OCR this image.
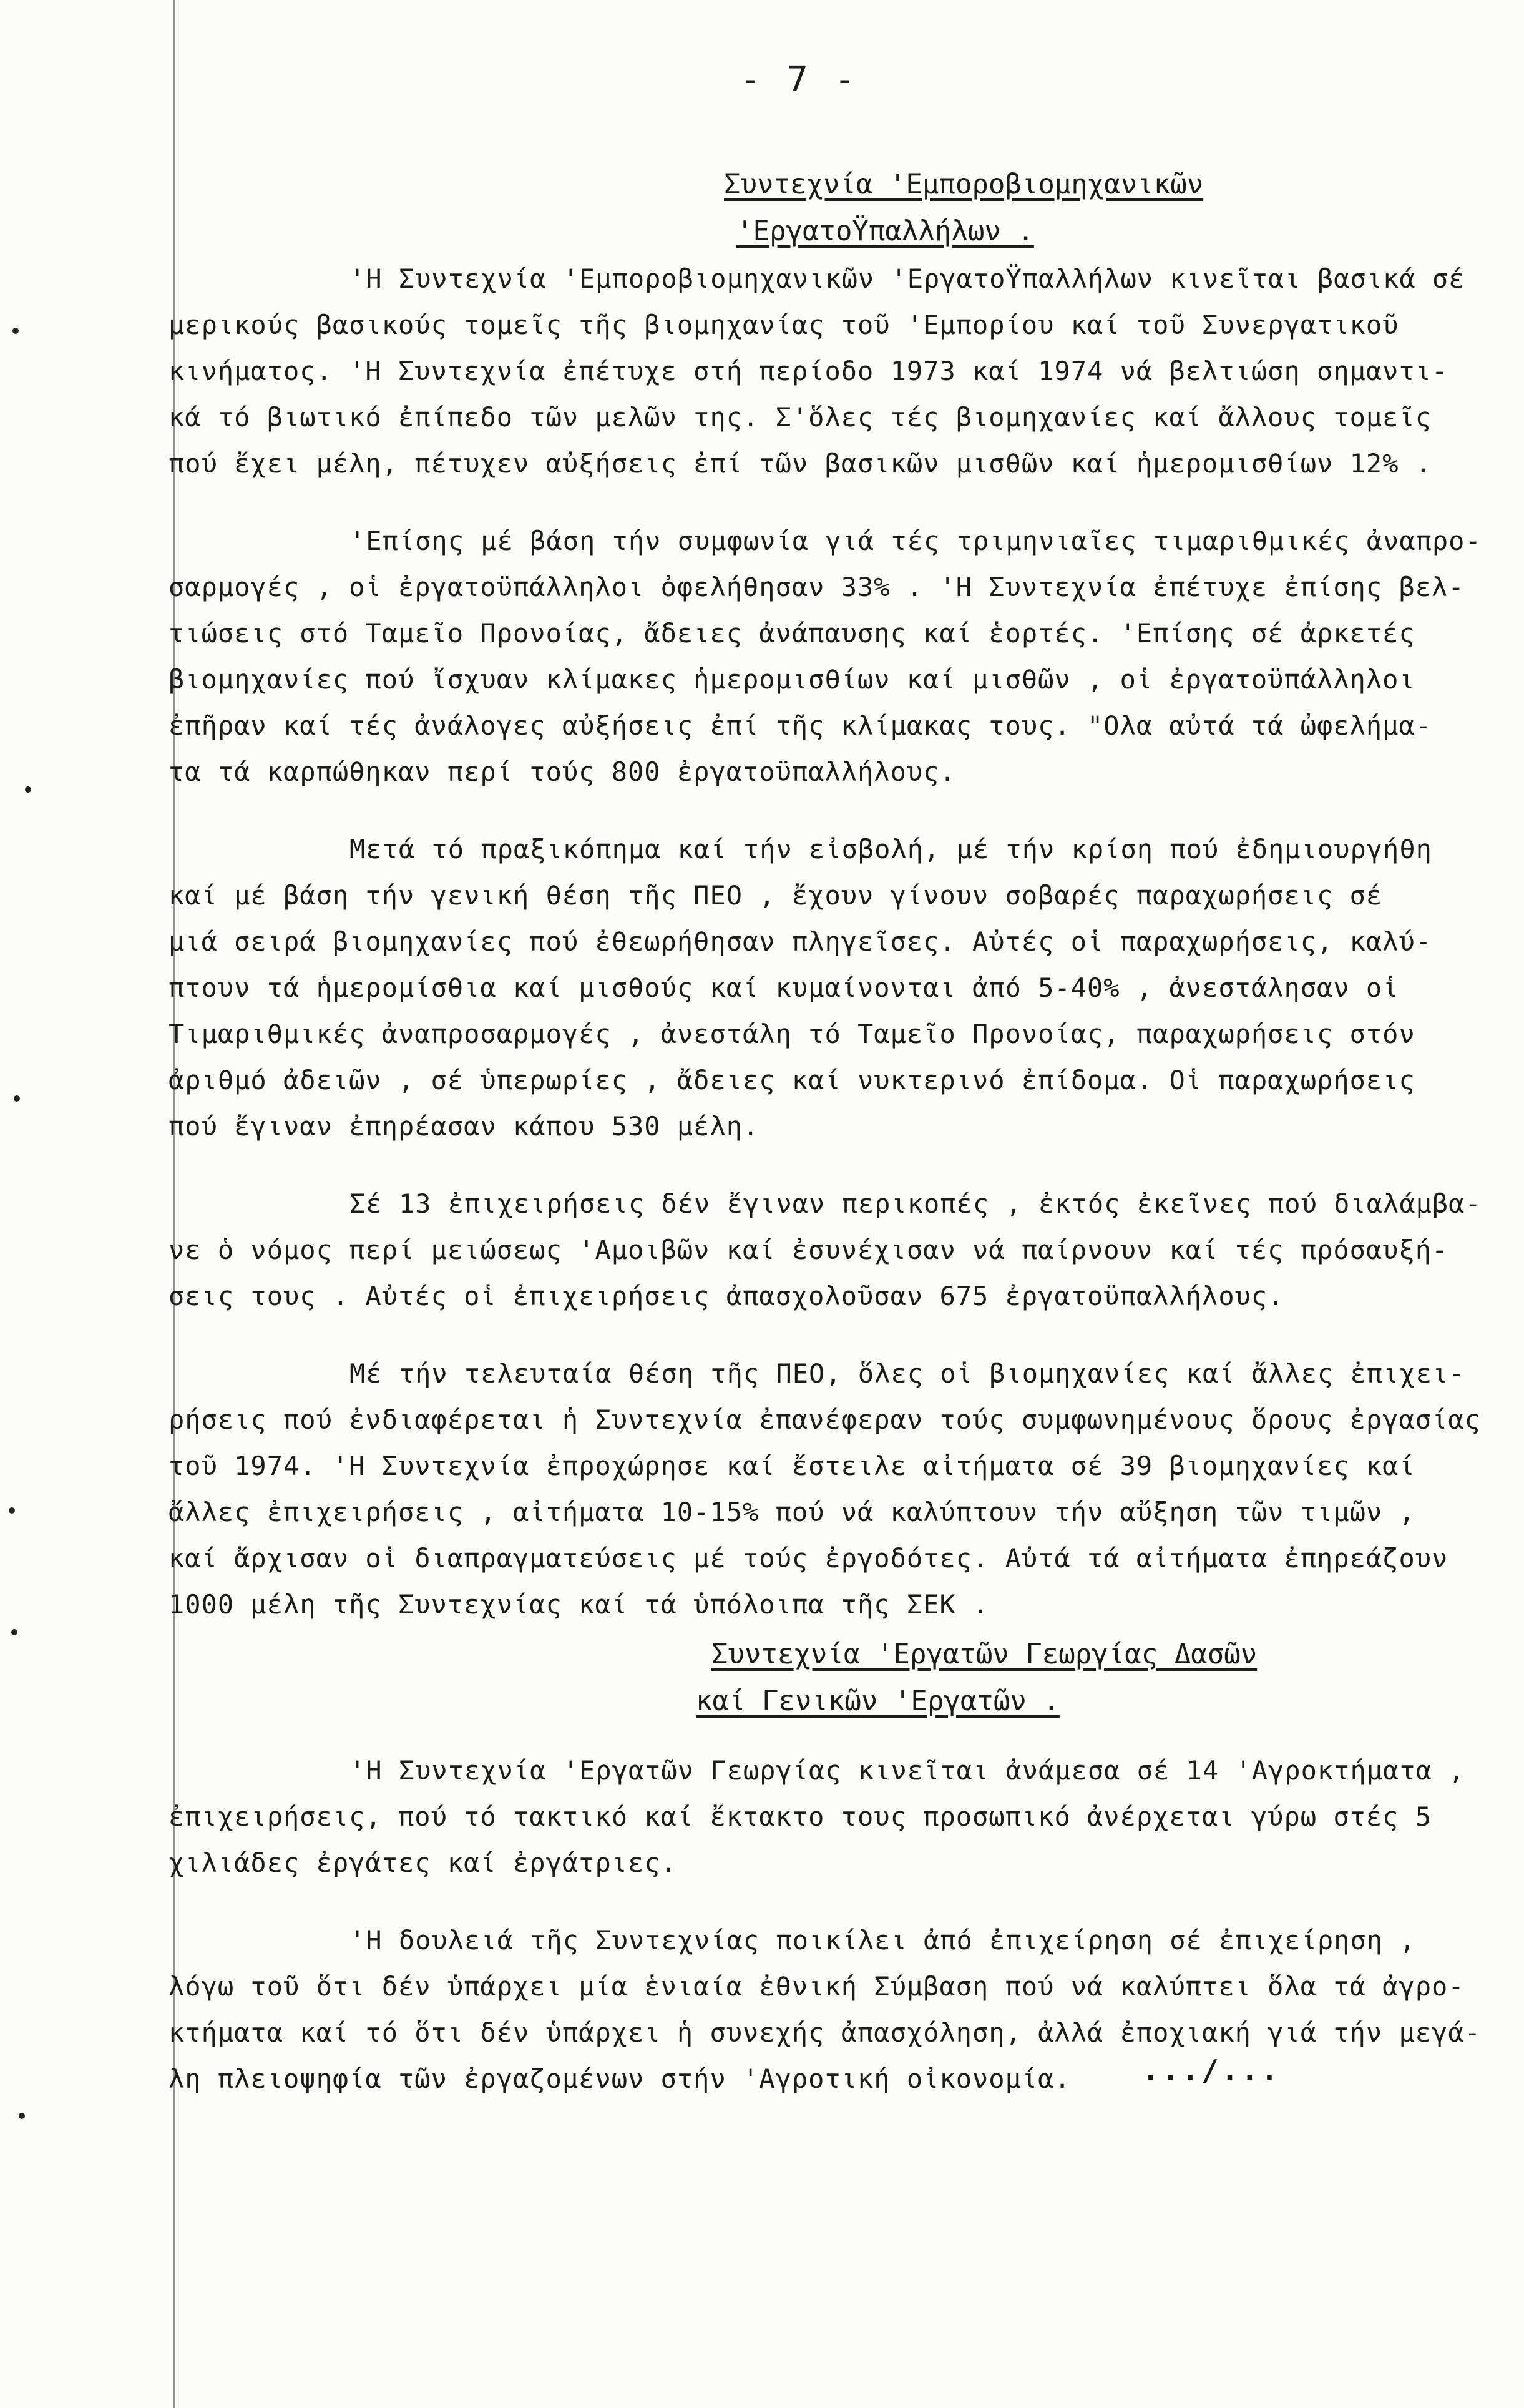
- 7 -
Συντεχνία 'Εμποροβιομηχανικῶν
'ΕργατοΫπαλλήλων .
'Η Συντεχνία 'Εμποροβιομηχανικῶν 'ΕργατοΫπαλλήλων κινεῖται βασικά σέ
μερικούς βασικούς τομεῖς τῆς βιομηχανίας τοῦ 'Εμπορίου καί τοῦ Συνεργατικοῦ
κινήματος. 'Η Συντεχνία ἐπέτυχε στή περίοδο 1973 καί 1974 νά βελτιώση σημαντι-
κά τό βιωτικό ἐπίπεδο τῶν μελῶν της. Σ'ὅλες τές βιομηχανίες καί ἄλλους τομεῖς
πού ἔχει μέλη, πέτυχεν αὐξήσεις ἐπί τῶν βασικῶν μισθῶν καί ἡμερομισθίων 12% .
'Επίσης μέ βάση τήν συμφωνία γιά τές τριμηνιαῖες τιμαριθμικές ἀναπρο-
σαρμογές , οἱ ἐργατοϋπάλληλοι ὀφελήθησαν 33% . 'Η Συντεχνία ἐπέτυχε ἐπίσης βελ-
τιώσεις στό Ταμεῖο Προνοίας, ἄδειες ἀνάπαυσης καί ἑορτές. 'Επίσης σέ ἀρκετές
βιομηχανίες πού ἴσχυαν κλίμακες ἡμερομισθίων καί μισθῶν , οἱ ἐργατοϋπάλληλοι
ἐπῆραν καί τές ἀνάλογες αὐξήσεις ἐπί τῆς κλίμακας τους. "Ολα αὐτά τά ὠφελήμα-
τα τά καρπώθηκαν περί τούς 800 ἐργατοϋπαλλήλους.
Μετά τό πραξικόπημα καί τήν εἰσβολή, μέ τήν κρίση πού ἐδημιουργήθη
καί μέ βάση τήν γενική θέση τῆς ΠΕΟ , ἔχουν γίνουν σοβαρές παραχωρήσεις σέ
μιά σειρά βιομηχανίες πού ἐθεωρήθησαν πληγεῖσες. Αὐτές οἱ παραχωρήσεις, καλύ-
πτουν τά ἡμερομίσθια καί μισθούς καί κυμαίνονται ἀπό 5-40% , ἀνεστάλησαν οἱ
Τιμαριθμικές ἀναπροσαρμογές , ἀνεστάλη τό Ταμεῖο Προνοίας, παραχωρήσεις στόν
ἀριθμό ἀδειῶν , σέ ὑπερωρίες , ἄδειες καί νυκτερινό ἐπίδομα. Οἱ παραχωρήσεις
πού ἔγιναν ἐπηρέασαν κάπου 530 μέλη.
Σέ 13 ἐπιχειρήσεις δέν ἔγιναν περικοπές , ἐκτός ἐκεῖνες πού διαλάμβα-
νε ὁ νόμος περί μειώσεως 'Αμοιβῶν καί ἐσυνέχισαν νά παίρνουν καί τές πρόσαυξή-
σεις τους . Αὐτές οἱ ἐπιχειρήσεις ἀπασχολοῦσαν 675 ἐργατοϋπαλλήλους.
Μέ τήν τελευταία θέση τῆς ΠΕΟ, ὅλες οἱ βιομηχανίες καί ἄλλες ἐπιχει-
ρήσεις πού ἐνδιαφέρεται ἡ Συντεχνία ἐπανέφεραν τούς συμφωνημένους ὅρους ἐργασίας
τοῦ 1974. 'Η Συντεχνία ἐπροχώρησε καί ἔστειλε αἰτήματα σέ 39 βιομηχανίες καί
ἄλλες ἐπιχειρήσεις , αἰτήματα 10-15% πού νά καλύπτουν τήν αὔξηση τῶν τιμῶν ,
καί ἄρχισαν οἱ διαπραγματεύσεις μέ τούς ἐργοδότες. Αὐτά τά αἰτήματα ἐπηρεάζουν
1000 μέλη τῆς Συντεχνίας καί τά ὑπόλοιπα τῆς ΣΕΚ .
Συντεχνία 'Εργατῶν Γεωργίας Δασῶν
καί Γενικῶν 'Εργατῶν .
'Η Συντεχνία 'Εργατῶν Γεωργίας κινεῖται ἀνάμεσα σέ 14 'Αγροκτήματα ,
ἐπιχειρήσεις, πού τό τακτικό καί ἔκτακτο τους προσωπικό ἀνέρχεται γύρω στές 5
χιλιάδες ἐργάτες καί ἐργάτριες.
'Η δουλειά τῆς Συντεχνίας ποικίλει ἀπό ἐπιχείρηση σέ ἐπιχείρηση ,
λόγω τοῦ ὅτι δέν ὑπάρχει μία ἑνιαία ἐθνική Σύμβαση πού νά καλύπτει ὅλα τά ἀγρο-
κτήματα καί τό ὅτι δέν ὑπάρχει ἡ συνεχής ἀπασχόληση, ἀλλά ἐποχιακή γιά τήν μεγά-
λη πλειοψηφία τῶν ἐργαζομένων στήν 'Αγροτική οἰκονομία.	.../...
